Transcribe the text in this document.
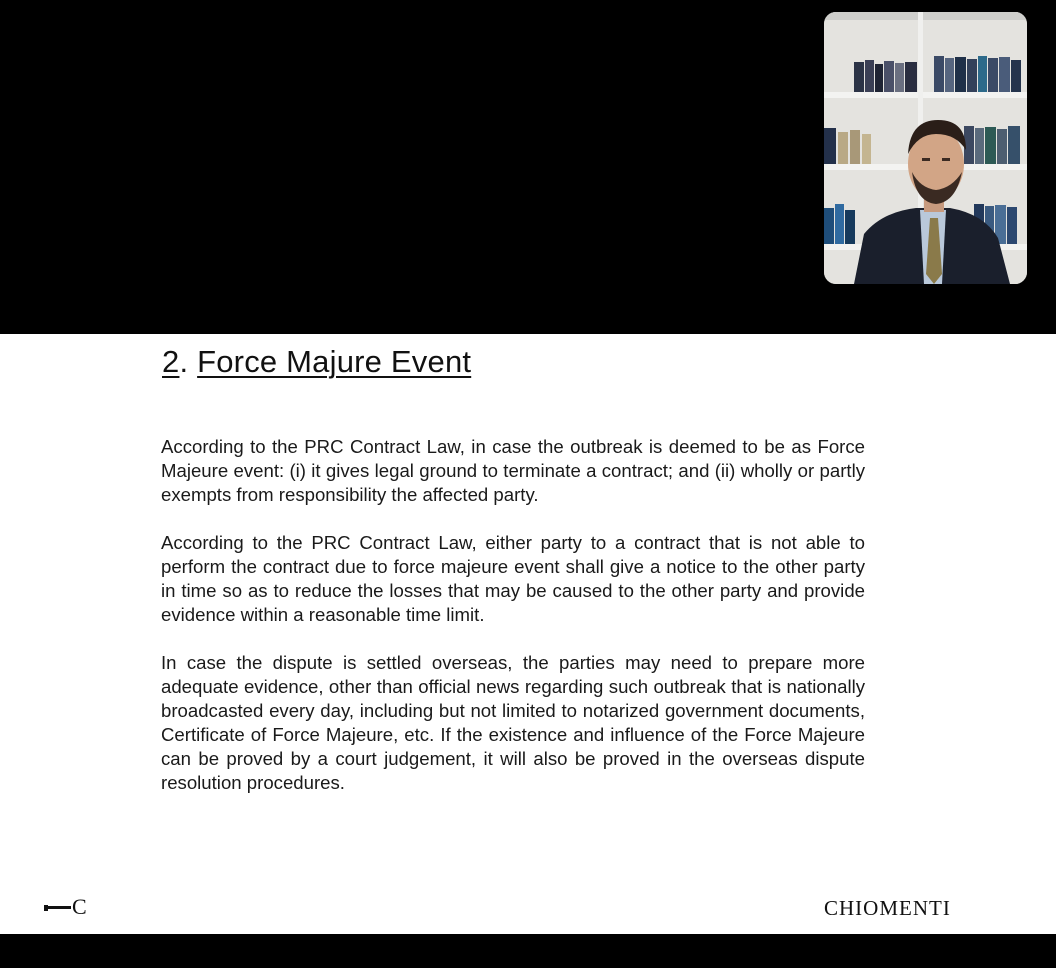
2. Force Majure Event

According to the PRC Contract Law, in case the outbreak is deemed to be as Force Majeure event: (i) it gives legal ground to terminate a contract; and (ii) wholly or partly exempts from responsibility the affected party.

According to the PRC Contract Law, either party to a contract that is not able to perform the contract due to force majeure event shall give a notice to the other party in time so as to reduce the losses that may be caused to the other party and provide evidence within a reasonable time limit.

In case the dispute is settled overseas, the parties may need to prepare more adequate evidence, other than official news regarding such outbreak that is nationally broadcasted every day, including but not limited to notarized government documents, Certificate of Force Majeure, etc. If the existence and influence of the Force Majeure can be proved by a court judgement, it will also be proved in the overseas dispute resolution procedures.

C	CHIOMENTI
